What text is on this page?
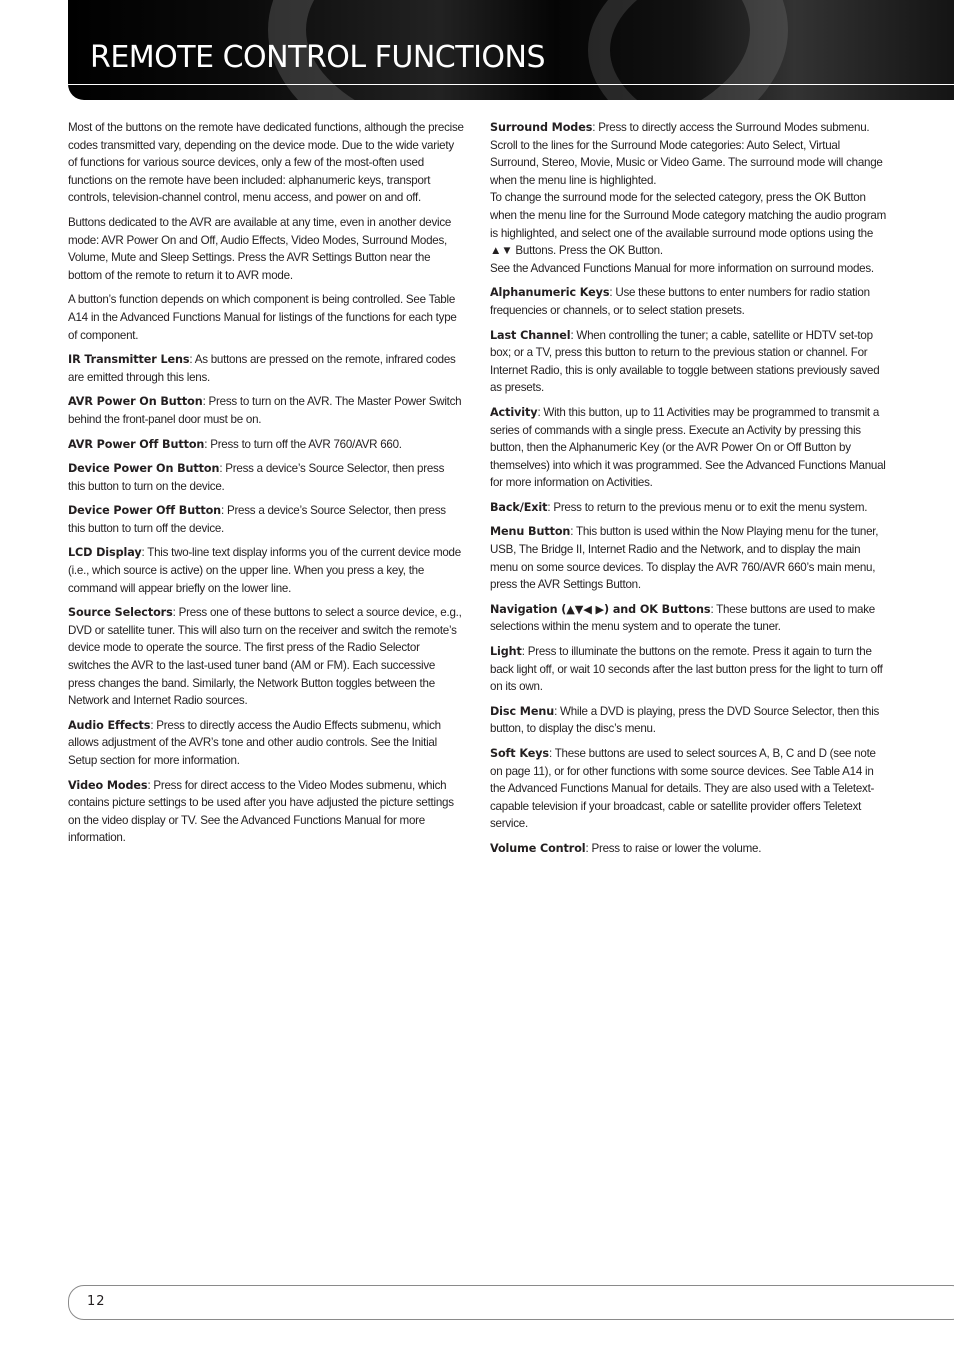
REMOTE CONTROL FUNCTIONS

Most of the buttons on the remote have dedicated functions, although the precise codes transmitted vary, depending on the device mode. Due to the wide variety of functions for various source devices, only a few of the most-often used functions on the remote have been included: alphanumeric keys, transport controls, television-channel control, menu access, and power on and off.

Buttons dedicated to the AVR are available at any time, even in another device mode: AVR Power On and Off, Audio Effects, Video Modes, Surround Modes, Volume, Mute and Sleep Settings. Press the AVR Settings Button near the bottom of the remote to return it to AVR mode.

A button’s function depends on which component is being controlled. See Table A14 in the Advanced Functions Manual for listings of the functions for each type of component.

IR Transmitter Lens: As buttons are pressed on the remote, infrared codes are emitted through this lens.

AVR Power On Button: Press to turn on the AVR. The Master Power Switch behind the front-panel door must be on.

AVR Power Off Button: Press to turn off the AVR 760/AVR 660.

Device Power On Button: Press a device’s Source Selector, then press this button to turn on the device.

Device Power Off Button: Press a device’s Source Selector, then press this button to turn off the device.

LCD Display: This two-line text display informs you of the current device mode (i.e., which source is active) on the upper line. When you press a key, the command will appear briefly on the lower line.

Source Selectors: Press one of these buttons to select a source device, e.g., DVD or satellite tuner. This will also turn on the receiver and switch the remote’s device mode to operate the source. The first press of the Radio Selector switches the AVR to the last-used tuner band (AM or FM). Each successive press changes the band. Similarly, the Network Button toggles between the Network and Internet Radio sources.

Audio Effects: Press to directly access the Audio Effects submenu, which allows adjustment of the AVR’s tone and other audio controls. See the Initial Setup section for more information.

Video Modes: Press for direct access to the Video Modes submenu, which contains picture settings to be used after you have adjusted the picture settings on the video display or TV. See the Advanced Functions Manual for more information.

Surround Modes: Press to directly access the Surround Modes submenu. Scroll to the lines for the Surround Mode categories: Auto Select, Virtual Surround, Stereo, Movie, Music or Video Game. The surround mode will change when the menu line is highlighted.
To change the surround mode for the selected category, press the OK Button when the menu line for the Surround Mode category matching the audio program is highlighted, and select one of the available surround mode options using the ▲▼ Buttons. Press the OK Button.
See the Advanced Functions Manual for more information on surround modes.

Alphanumeric Keys: Use these buttons to enter numbers for radio station frequencies or channels, or to select station presets.

Last Channel: When controlling the tuner; a cable, satellite or HDTV set-top box; or a TV, press this button to return to the previous station or channel. For Internet Radio, this is only available to toggle between stations previously saved as presets.

Activity: With this button, up to 11 Activities may be programmed to transmit a series of commands with a single press. Execute an Activity by pressing this button, then the Alphanumeric Key (or the AVR Power On or Off Button by themselves) into which it was programmed. See the Advanced Functions Manual for more information on Activities.

Back/Exit: Press to return to the previous menu or to exit the menu system.

Menu Button: This button is used within the Now Playing menu for the tuner, USB, The Bridge II, Internet Radio and the Network, and to display the main menu on some source devices. To display the AVR 760/AVR 660’s main menu, press the AVR Settings Button.

Navigation (▲▼◀ ▶) and OK Buttons: These buttons are used to make selections within the menu system and to operate the tuner.

Light: Press to illuminate the buttons on the remote. Press it again to turn the back light off, or wait 10 seconds after the last button press for the light to turn off on its own.

Disc Menu: While a DVD is playing, press the DVD Source Selector, then this button, to display the disc’s menu.

Soft Keys: These buttons are used to select sources A, B, C and D (see note on page 11), or for other functions with some source devices. See Table A14 in the Advanced Functions Manual for details. They are also used with a Teletext-capable television if your broadcast, cable or satellite provider offers Teletext service.

Volume Control: Press to raise or lower the volume.

12
